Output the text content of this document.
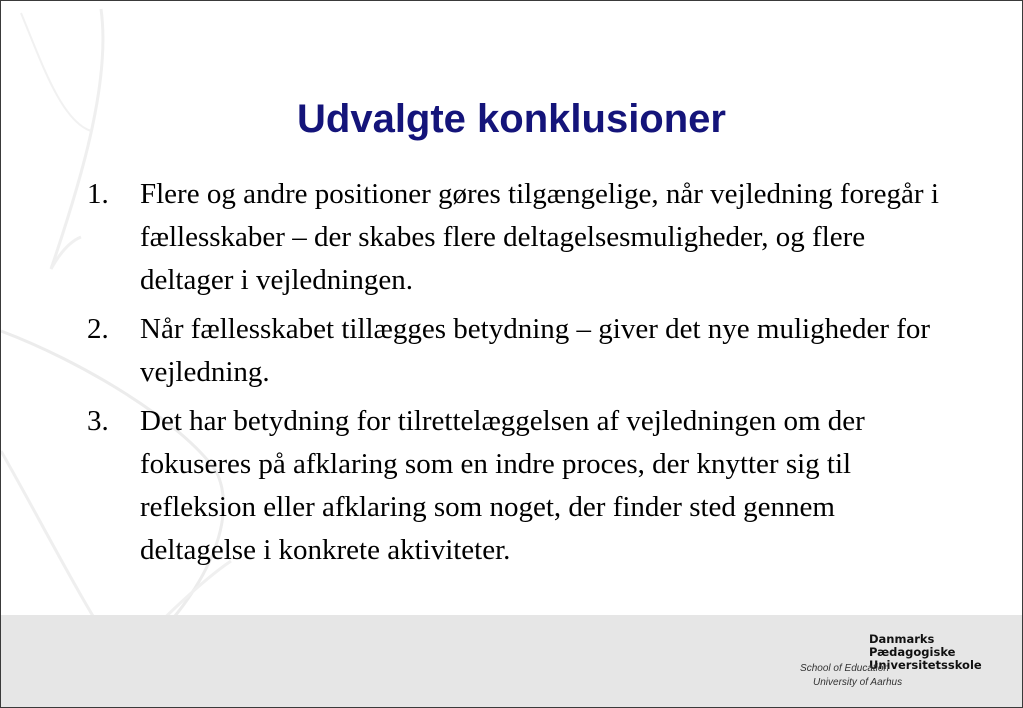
Udvalgte konklusioner
1. Flere og andre positioner gøres tilgængelige, når vejledning foregår i fællesskaber – der skabes flere deltagelsesmuligheder, og flere deltager i vejledningen.
2. Når fællesskabet tillægges betydning – giver det nye muligheder for vejledning.
3. Det har betydning for tilrettelæggelsen af vejledningen om der fokuseres på afklaring som en indre proces, der knytter sig til refleksion eller afklaring som noget, der finder sted gennem deltagelse i konkrete aktiviteter.
Danmarks
Pædagogiske
Universitetsskole
School of Education
University of Aarhus
